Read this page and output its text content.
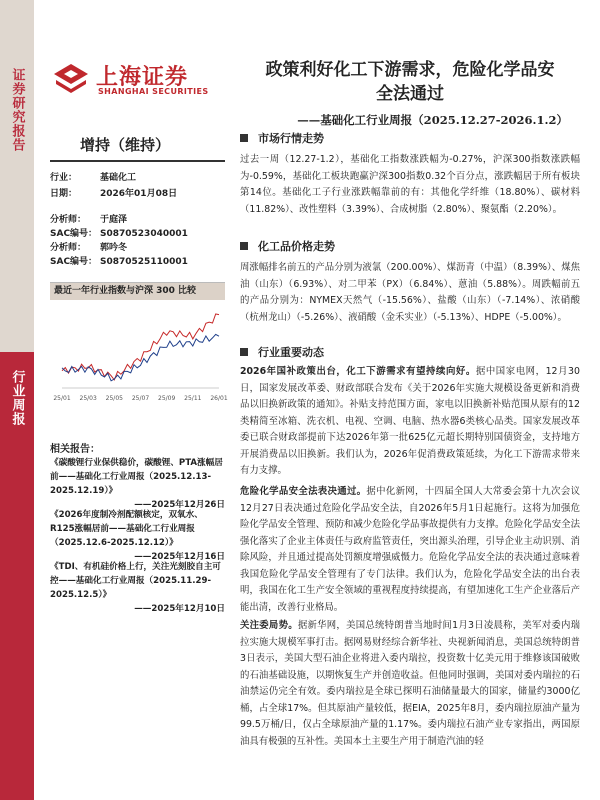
证券研究报告
行业周报
上海证券
SHANGHAI SECURITIES
政策利好化工下游需求，危险化学品安
全法通过
——基础化工行业周报（2025.12.27-2026.1.2）
增持（维持）
行业：	基础化工
日期：	2026年01月08日
分析师： 于庭泽
SAC编号： S0870523040001
分析师： 郭吟冬
SAC编号： S0870525110001
最近一年行业指数与沪深 300 比较
25/01 25/03 25/05 25/07 25/09 25/11 26/01
相关报告：
《碳酸锂行业保供稳价，碳酸锂、PTA涨幅居前——基础化工行业周报（2025.12.13-2025.12.19）》
——2025年12月26日
《2026年度制冷剂配额核定，双氧水、R125涨幅居前——基础化工行业周报（2025.12.6-2025.12.12）》
——2025年12月16日
《TDI、有机硅价格上行，关注光刻胶自主可控——基础化工行业周报（2025.11.29-2025.12.5）》
——2025年12月10日
市场行情走势
过去一周（12.27-1.2），基础化工指数涨跌幅为-0.27%，沪深300指数涨跌幅为-0.59%，基础化工板块跑赢沪深300指数0.32个百分点，涨跌幅居于所有板块第14位。基础化工子行业涨跌幅靠前的有：其他化学纤维（18.80%）、碳材料（11.82%）、改性塑料（3.39%）、合成树脂（2.80%）、聚氨酯（2.20%）。
化工品价格走势
周涨幅排名前五的产品分别为液氯（200.00%）、煤沥青（中温）（8.39%）、煤焦油（山东）（6.93%）、对二甲苯（PX）（6.84%）、蒽油（5.88%）。周跌幅前五的产品分别为：NYMEX天然气（-15.56%）、盐酸（山东）（-7.14%）、浓硝酸（杭州龙山）（-5.26%）、液硝酸（金禾实业）（-5.13%）、HDPE（-5.00%）。
行业重要动态
2026年国补政策出台，化工下游需求有望持续向好。据中国家电网，12月30日，国家发展改革委、财政部联合发布《关于2026年实施大规模设备更新和消费品以旧换新政策的通知》。补贴支持范围方面，家电以旧换新补贴范围从原有的12类精简至冰箱、洗衣机、电视、空调、电脑、热水器6类核心品类。国家发展改革委已联合财政部提前下达2026年第一批625亿元超长期特别国债资金，支持地方开展消费品以旧换新。我们认为，2026年促消费政策延续，为化工下游需求带来有力支撑。
危险化学品安全法表决通过。据中化新网，十四届全国人大常委会第十九次会议12月27日表决通过危险化学品安全法，自2026年5月1日起施行。这将为加强危险化学品安全管理、预防和减少危险化学品事故提供有力支撑。危险化学品安全法强化落实了企业主体责任与政府监管责任，突出源头治理，引导企业主动识别、消除风险，并且通过提高处罚额度增强威慑力。危险化学品安全法的表决通过意味着我国危险化学品安全管理有了专门法律。我们认为，危险化学品安全法的出台表明，我国在化工生产安全领域的重视程度持续提高，有望加速化工生产企业落后产能出清，改善行业格局。
关注委局势。据新华网，美国总统特朗普当地时间1月3日凌晨称，美军对委内瑞拉实施大规模军事打击。据网易财经综合新华社、央视新闻消息，美国总统特朗普3日表示，美国大型石油企业将进入委内瑞拉，投资数十亿美元用于维修该国破败的石油基础设施，以期恢复生产并创造收益。但他同时强调，美国对委内瑞拉的石油禁运仍完全有效。委内瑞拉是全球已探明石油储量最大的国家，储量约3000亿桶，占全球17%。但其原油产量较低，据EIA，2025年8月，委内瑞拉原油产量为99.5万桶/日，仅占全球原油产量的1.17%。委内瑞拉石油产业专家指出，两国原油具有极强的互补性。美国本土主要生产用于制造汽油的轻
